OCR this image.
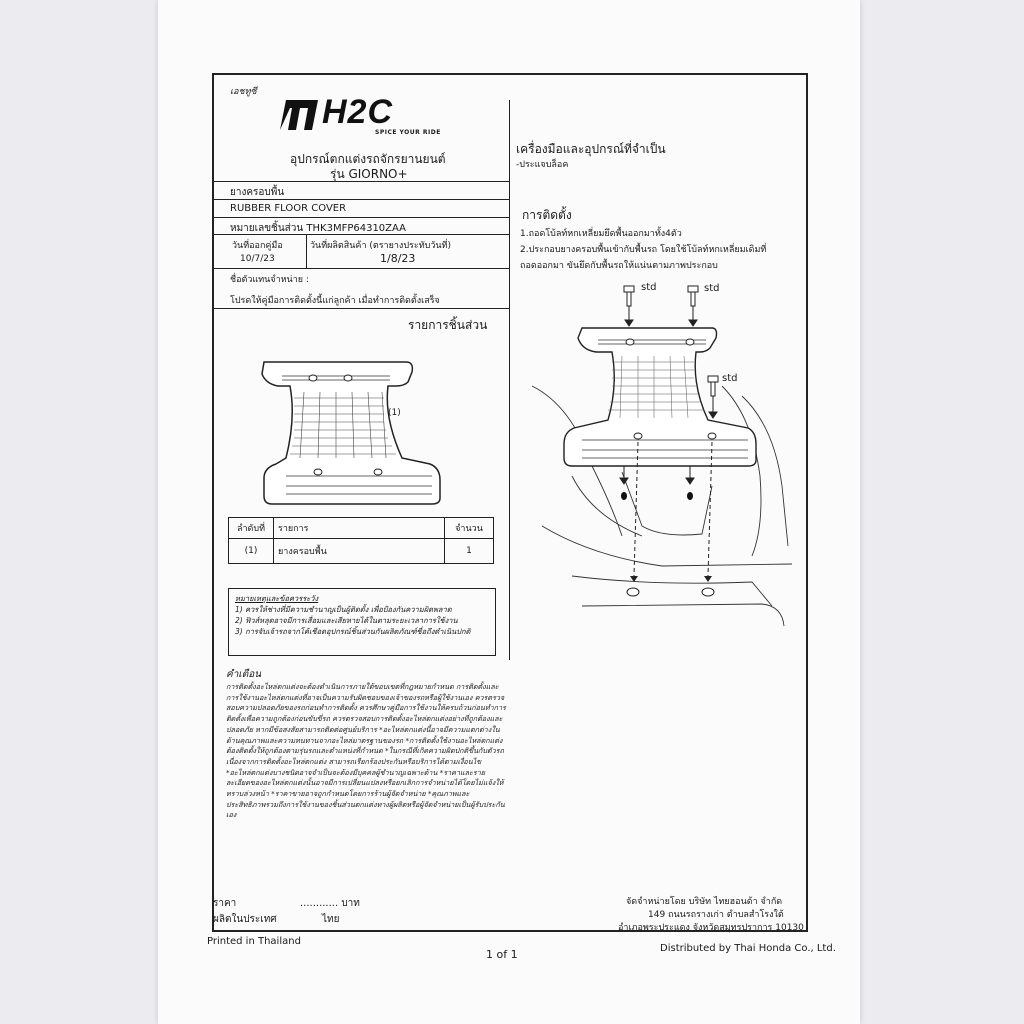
เอชทูซี
H2C
SPICE YOUR RIDE
อุปกรณ์ตกแต่งรถจักรยานยนต์
รุ่น GIORNO+
ยางครอบพื้น
RUBBER FLOOR COVER
หมายเลขชิ้นส่วน THK3MFP64310ZAA
วันที่ออกคู่มือ
10/7/23
วันที่ผลิตสินค้า (ตรายางประทับวันที่)
1/8/23
ชื่อตัวแทนจำหน่าย :
โปรดให้คู่มือการติดตั้งนี้แก่ลูกค้า เมื่อทำการติดตั้งเสร็จ
รายการชิ้นส่วน
(1)
ลำดับที่	รายการ	จำนวน
(1)	ยางครอบพื้น	1
หมายเหตุและข้อควรระวัง
1) ควรให้ช่างที่มีความชำนาญเป็นผู้ติดตั้ง เพื่อป้องกันความผิดพลาด
2) ฟิวส์หลุดอาจมีการเสื่อมและเสียหายได้ในตามระยะเวลาการใช้งาน
3) การจับเจ้ารถจากโค้เชือดอุปกรณ์ชิ้นส่วนกันผลิตภัณฑ์ชื่อถึงดำเนินปกติ
คำเตือน
การติดตั้งอะไหล่ตกแต่งจะต้องดำเนินการภายใต้ขอบเขตที่กฎหมายกำหนด การติดตั้งและการใช้งานอะไหล่ตกแต่งที่อาจเป็นความรับผิดชอบของเจ้าของรถหรือผู้ใช้งานเอง ควรตรวจสอบความปลอดภัยของรถก่อนทำการติดตั้ง ควรศึกษาคู่มือการใช้งานให้ครบถ้วนก่อนทำการติดตั้งเพื่อความถูกต้องก่อนขับขี่รถ ควรตรวจสอบการติดตั้งอะไหล่ตกแต่งอย่างที่ถูกต้องและปลอดภัย หากมีข้อสงสัยสามารถติดต่อศูนย์บริการ *อะไหล่ตกแต่งนี้อาจมีความแตกต่างในด้านคุณภาพและความทนทานจากอะไหล่มาตรฐานของรถ *การติดตั้งใช้งานอะไหล่ตกแต่งต้องติดตั้งให้ถูกต้องตามรุ่นรถและตำแหน่งที่กำหนด *ในกรณีที่เกิดความผิดปกติขึ้นกับตัวรถเนื่องจากการติดตั้งอะไหล่ตกแต่ง สามารถเรียกร้องประกันหรือบริการได้ตามเงื่อนไข *อะไหล่ตกแต่งบางชนิดอาจจำเป็นจะต้องมีบุคคลผู้ชำนาญเฉพาะด้าน *ราคาและรายละเอียดของอะไหล่ตกแต่งนั้นอาจมีการเปลี่ยนแปลงหรือยกเลิกการจำหน่ายได้โดยไม่แจ้งให้ทราบล่วงหน้า *ราคาขายอาจถูกกำหนดโดยการร้านผู้จัดจำหน่าย *คุณภาพและประสิทธิภาพรวมถึงการใช้งานของชิ้นส่วนตกแต่งทางผู้ผลิตหรือผู้จัดจำหน่ายเป็นผู้รับประกันเอง
ราคา	............ บาท
ผลิตในประเทศ	ไทย
เครื่องมือและอุปกรณ์ที่จำเป็น
-ประแจบล็อค
การติดตั้ง
1.ถอดโบ้ลท์หกเหลี่ยมยึดพื้นออกมาทั้ง4ตัว
2.ประกอบยางครอบพื้นเข้ากับพื้นรถ โดยใช้โบ้ลท์หกเหลี่ยมเดิมที่
ถอดออกมา ขันยึดกับพื้นรถให้แน่นตามภาพประกอบ
std	std
std
จัดจำหน่ายโดย บริษัท ไทยฮอนด้า จำกัด
149 ถนนรถรางเก่า ตำบลสำโรงใต้
อำเภอพระประแดง จังหวัดสมุทรปราการ 10130
Printed in Thailand
1 of 1	Distributed by Thai Honda Co., Ltd.
